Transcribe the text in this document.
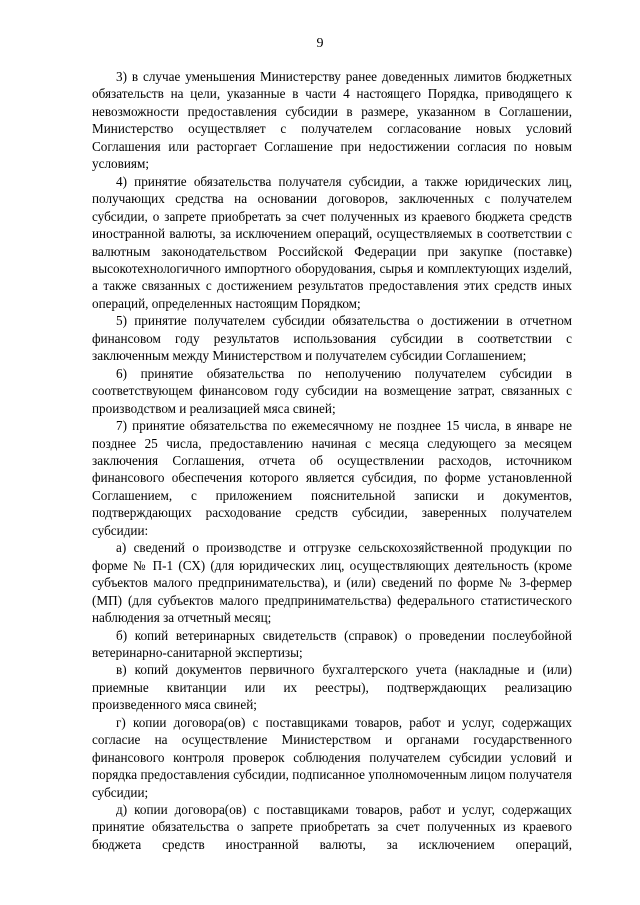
9

3) в случае уменьшения Министерству ранее доведенных лимитов бюджетных обязательств на цели, указанные в части 4 настоящего Порядка, приводящего к невозможности предоставления субсидии в размере, указанном в Соглашении, Министерство осуществляет с получателем согласование новых условий Соглашения или расторгает Соглашение при недостижении согласия по новым условиям;

4) принятие обязательства получателя субсидии, а также юридических лиц, получающих средства на основании договоров, заключенных с получателем субсидии, о запрете приобретать за счет полученных из краевого бюджета средств иностранной валюты, за исключением операций, осуществляемых в соответствии с валютным законодательством Российской Федерации при закупке (поставке) высокотехнологичного импортного оборудования, сырья и комплектующих изделий, а также связанных с достижением результатов предоставления этих средств иных операций, определенных настоящим Порядком;

5) принятие получателем субсидии обязательства о достижении в отчетном финансовом году результатов использования субсидии в соответствии с заключенным между Министерством и получателем субсидии Соглашением;

6) принятие обязательства по неполучению получателем субсидии в соответствующем финансовом году субсидии на возмещение затрат, связанных с производством и реализацией мяса свиней;

7) принятие обязательства по ежемесячному не позднее 15 числа, в январе не позднее 25 числа, предоставлению начиная с месяца следующего за месяцем заключения Соглашения, отчета об осуществлении расходов, источником финансового обеспечения которого является субсидия, по форме установленной Соглашением, с приложением пояснительной записки и документов, подтверждающих расходование средств субсидии, заверенных получателем субсидии:

а) сведений о производстве и отгрузке сельскохозяйственной продукции по форме № П-1 (СХ) (для юридических лиц, осуществляющих деятельность (кроме субъектов малого предпринимательства), и (или) сведений по форме № 3-фермер (МП) (для субъектов малого предпринимательства) федерального статистического наблюдения за отчетный месяц;

б) копий ветеринарных свидетельств (справок) о проведении послеубойной ветеринарно-санитарной экспертизы;

в) копий документов первичного бухгалтерского учета (накладные и (или) приемные квитанции или их реестры), подтверждающих реализацию произведенного мяса свиней;

г) копии договора(ов) с поставщиками товаров, работ и услуг, содержащих согласие на осуществление Министерством и органами государственного финансового контроля проверок соблюдения получателем субсидии условий и порядка предоставления субсидии, подписанное уполномоченным лицом получателя субсидии;

д) копии договора(ов) с поставщиками товаров, работ и услуг, содержащих принятие обязательства о запрете приобретать за счет полученных из краевого бюджета средств иностранной валюты, за исключением операций,
